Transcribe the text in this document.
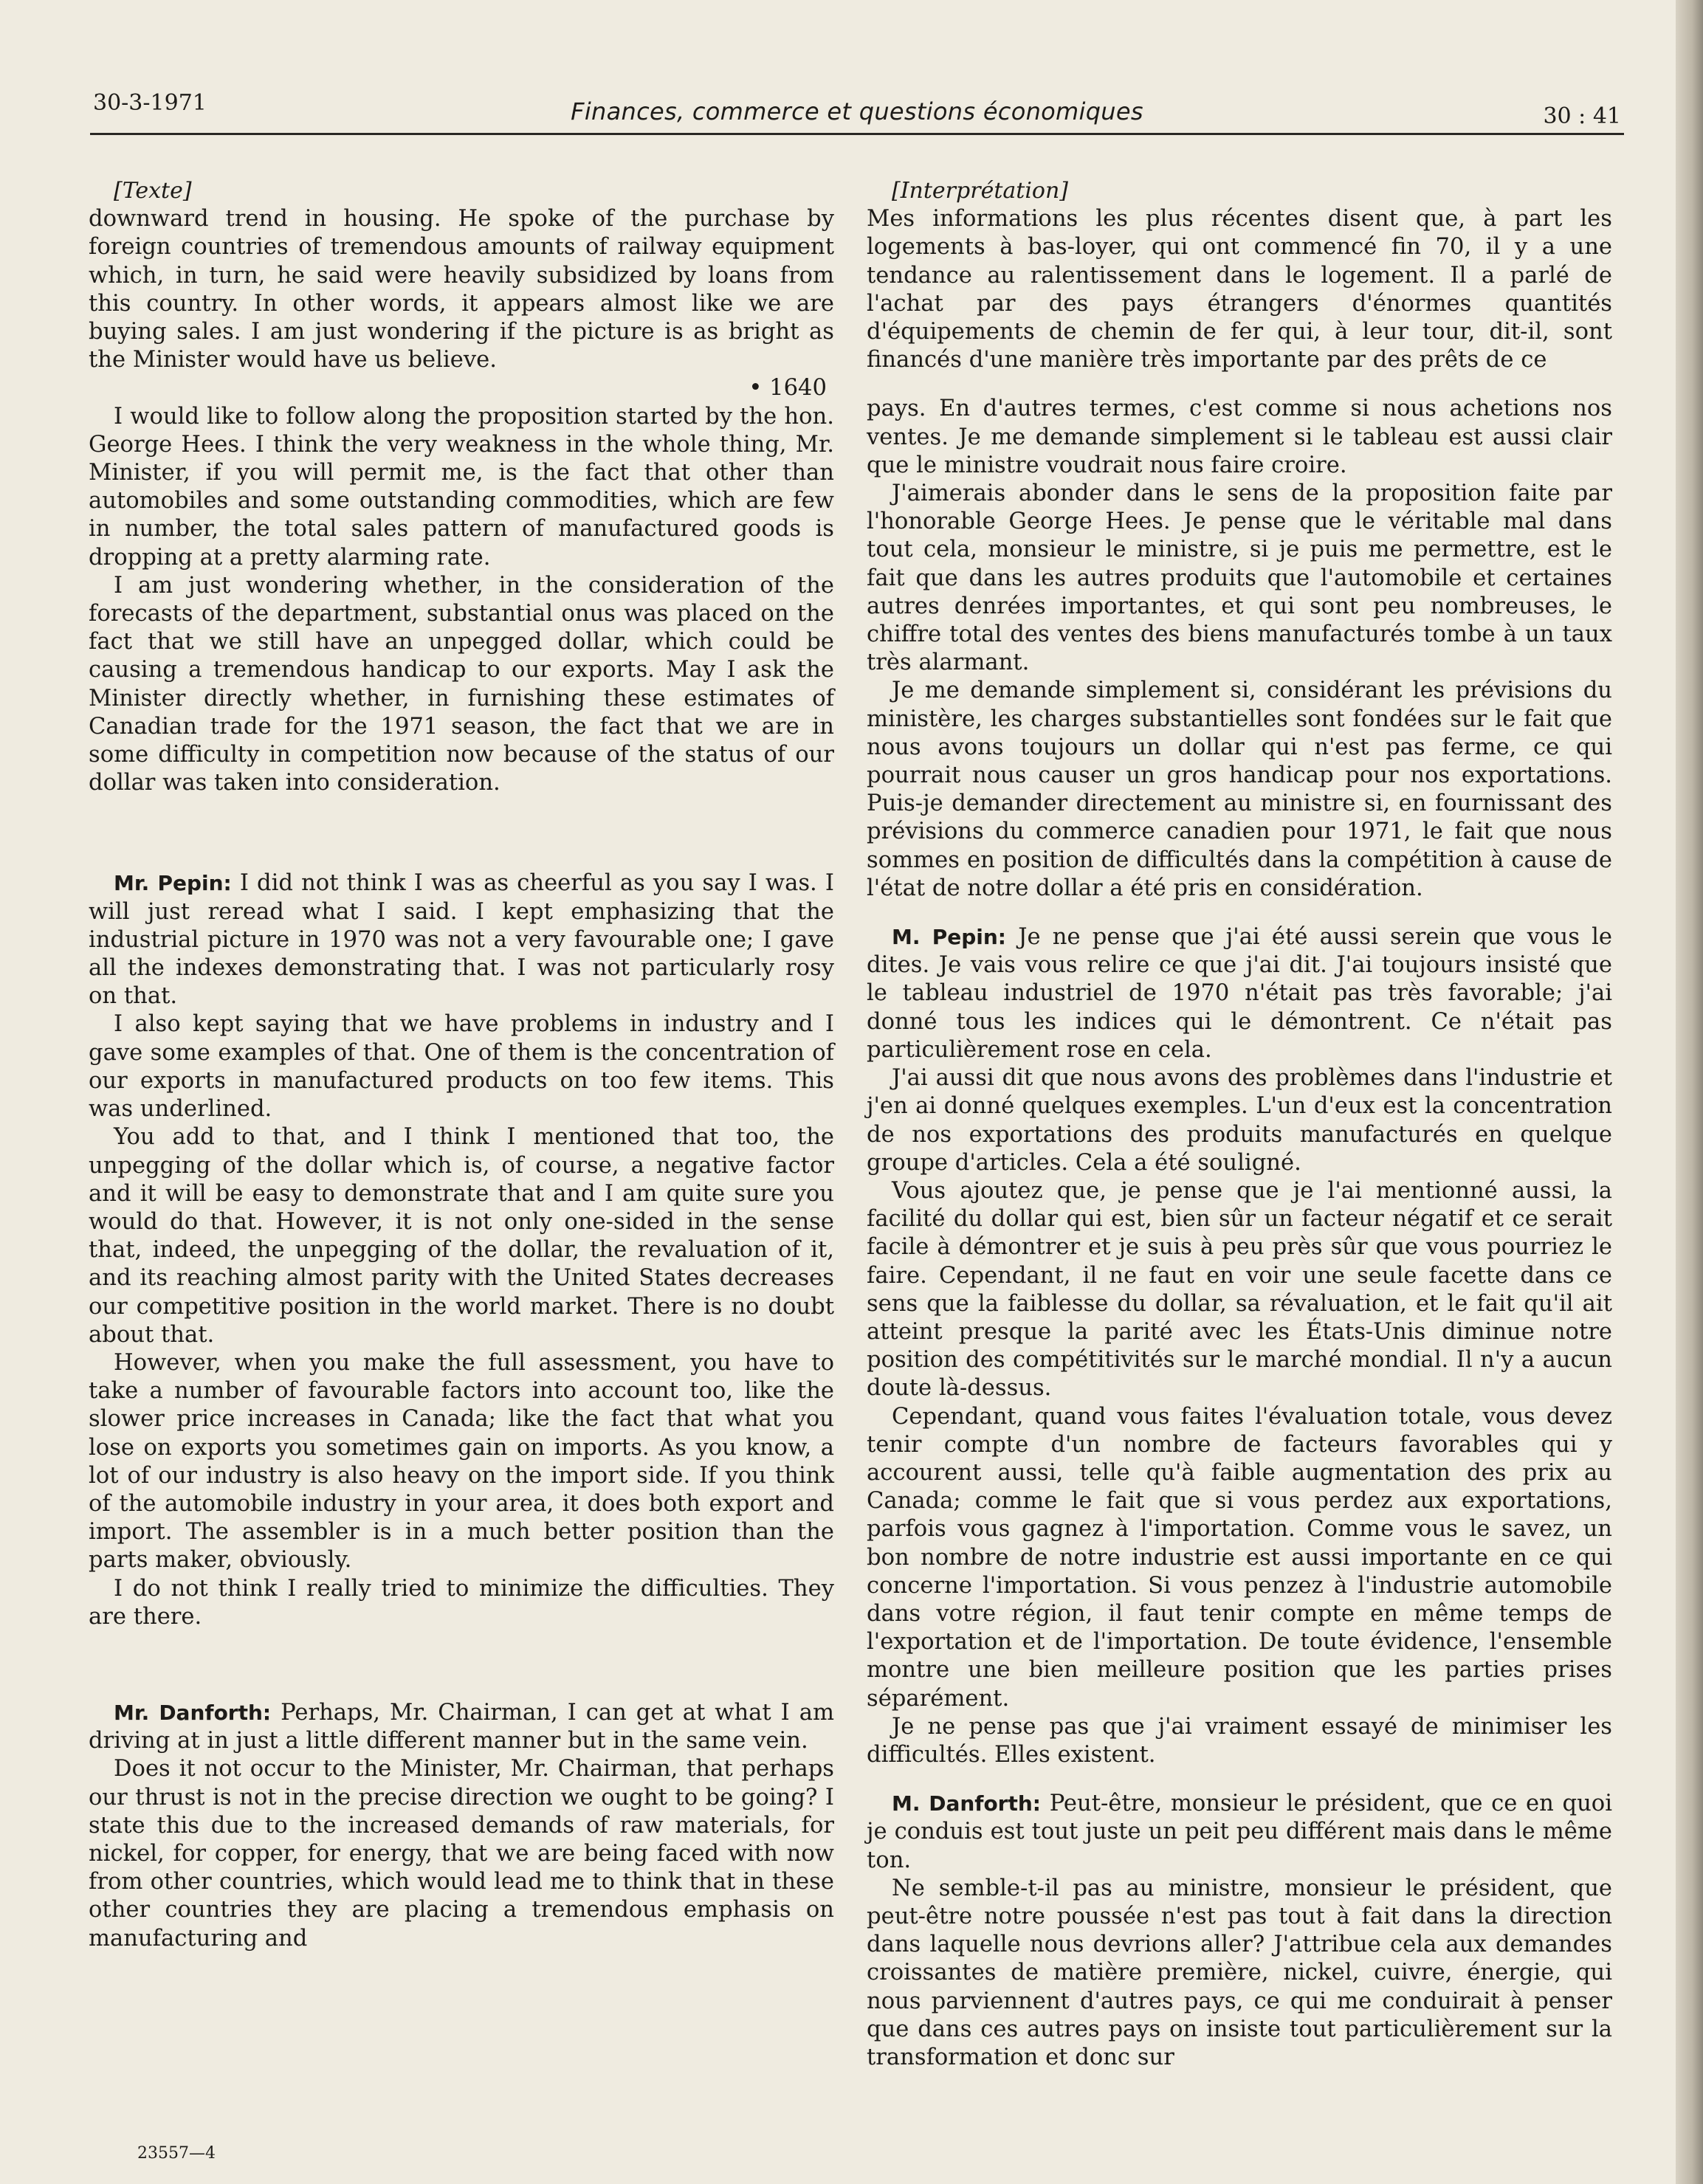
30-3-1971	Finances, commerce et questions économiques	30 : 41

[Texte]

downward trend in housing. He spoke of the purchase by foreign countries of tremendous amounts of railway equipment which, in turn, he said were heavily subsidized by loans from this country. In other words, it appears almost like we are buying sales. I am just wondering if the picture is as bright as the Minister would have us believe.

• 1640

I would like to follow along the proposition started by the hon. George Hees. I think the very weakness in the whole thing, Mr. Minister, if you will permit me, is the fact that other than automobiles and some outstanding commodities, which are few in number, the total sales pattern of manufactured goods is dropping at a pretty alarming rate.

I am just wondering whether, in the consideration of the forecasts of the department, substantial onus was placed on the fact that we still have an unpegged dollar, which could be causing a tremendous handicap to our exports. May I ask the Minister directly whether, in furnishing these estimates of Canadian trade for the 1971 season, the fact that we are in some difficulty in competition now because of the status of our dollar was taken into consideration.

Mr. Pepin: I did not think I was as cheerful as you say I was. I will just reread what I said. I kept emphasizing that the industrial picture in 1970 was not a very favourable one; I gave all the indexes demonstrating that. I was not particularly rosy on that.

I also kept saying that we have problems in industry and I gave some examples of that. One of them is the concentration of our exports in manufactured products on too few items. This was underlined.

You add to that, and I think I mentioned that too, the unpegging of the dollar which is, of course, a negative factor and it will be easy to demonstrate that and I am quite sure you would do that. However, it is not only one-sided in the sense that, indeed, the unpegging of the dollar, the revaluation of it, and its reaching almost parity with the United States decreases our competitive position in the world market. There is no doubt about that.

However, when you make the full assessment, you have to take a number of favourable factors into account too, like the slower price increases in Canada; like the fact that what you lose on exports you sometimes gain on imports. As you know, a lot of our industry is also heavy on the import side. If you think of the automobile industry in your area, it does both export and import. The assembler is in a much better position than the parts maker, obviously.

I do not think I really tried to minimize the difficulties. They are there.

Mr. Danforth: Perhaps, Mr. Chairman, I can get at what I am driving at in just a little different manner but in the same vein.

Does it not occur to the Minister, Mr. Chairman, that perhaps our thrust is not in the precise direction we ought to be going? I state this due to the increased demands of raw materials, for nickel, for copper, for energy, that we are being faced with now from other countries, which would lead me to think that in these other countries they are placing a tremendous emphasis on manufacturing and

[Interprétation]

Mes informations les plus récentes disent que, à part les logements à bas-loyer, qui ont commencé fin 70, il y a une tendance au ralentissement dans le logement. Il a parlé de l'achat par des pays étrangers d'énormes quantités d'équipements de chemin de fer qui, à leur tour, dit-il, sont financés d'une manière très importante par des prêts de ce

pays. En d'autres termes, c'est comme si nous achetions nos ventes. Je me demande simplement si le tableau est aussi clair que le ministre voudrait nous faire croire.

J'aimerais abonder dans le sens de la proposition faite par l'honorable George Hees. Je pense que le véritable mal dans tout cela, monsieur le ministre, si je puis me permettre, est le fait que dans les autres produits que l'automobile et certaines autres denrées importantes, et qui sont peu nombreuses, le chiffre total des ventes des biens manufacturés tombe à un taux très alarmant.

Je me demande simplement si, considérant les prévisions du ministère, les charges substantielles sont fondées sur le fait que nous avons toujours un dollar qui n'est pas ferme, ce qui pourrait nous causer un gros handicap pour nos exportations. Puis-je demander directement au ministre si, en fournissant des prévisions du commerce canadien pour 1971, le fait que nous sommes en position de difficultés dans la compétition à cause de l'état de notre dollar a été pris en considération.

M. Pepin: Je ne pense que j'ai été aussi serein que vous le dites. Je vais vous relire ce que j'ai dit. J'ai toujours insisté que le tableau industriel de 1970 n'était pas très favorable; j'ai donné tous les indices qui le démontrent. Ce n'était pas particulièrement rose en cela.

J'ai aussi dit que nous avons des problèmes dans l'industrie et j'en ai donné quelques exemples. L'un d'eux est la concentration de nos exportations des produits manufacturés en quelque groupe d'articles. Cela a été souligné.

Vous ajoutez que, je pense que je l'ai mentionné aussi, la facilité du dollar qui est, bien sûr un facteur négatif et ce serait facile à démontrer et je suis à peu près sûr que vous pourriez le faire. Cependant, il ne faut en voir une seule facette dans ce sens que la faiblesse du dollar, sa révaluation, et le fait qu'il ait atteint presque la parité avec les États-Unis diminue notre position des compétitivités sur le marché mondial. Il n'y a aucun doute là-dessus.

Cependant, quand vous faites l'évaluation totale, vous devez tenir compte d'un nombre de facteurs favorables qui y accourent aussi, telle qu'à faible augmentation des prix au Canada; comme le fait que si vous perdez aux exportations, parfois vous gagnez à l'importation. Comme vous le savez, un bon nombre de notre industrie est aussi importante en ce qui concerne l'importation. Si vous penzez à l'industrie automobile dans votre région, il faut tenir compte en même temps de l'exportation et de l'importation. De toute évidence, l'ensemble montre une bien meilleure position que les parties prises séparément.

Je ne pense pas que j'ai vraiment essayé de minimiser les difficultés. Elles existent.

M. Danforth: Peut-être, monsieur le président, que ce en quoi je conduis est tout juste un peit peu différent mais dans le même ton.

Ne semble-t-il pas au ministre, monsieur le président, que peut-être notre poussée n'est pas tout à fait dans la direction dans laquelle nous devrions aller? J'attribue cela aux demandes croissantes de matière première, nickel, cuivre, énergie, qui nous parviennent d'autres pays, ce qui me conduirait à penser que dans ces autres pays on insiste tout particulièrement sur la transformation et donc sur

23557—4
